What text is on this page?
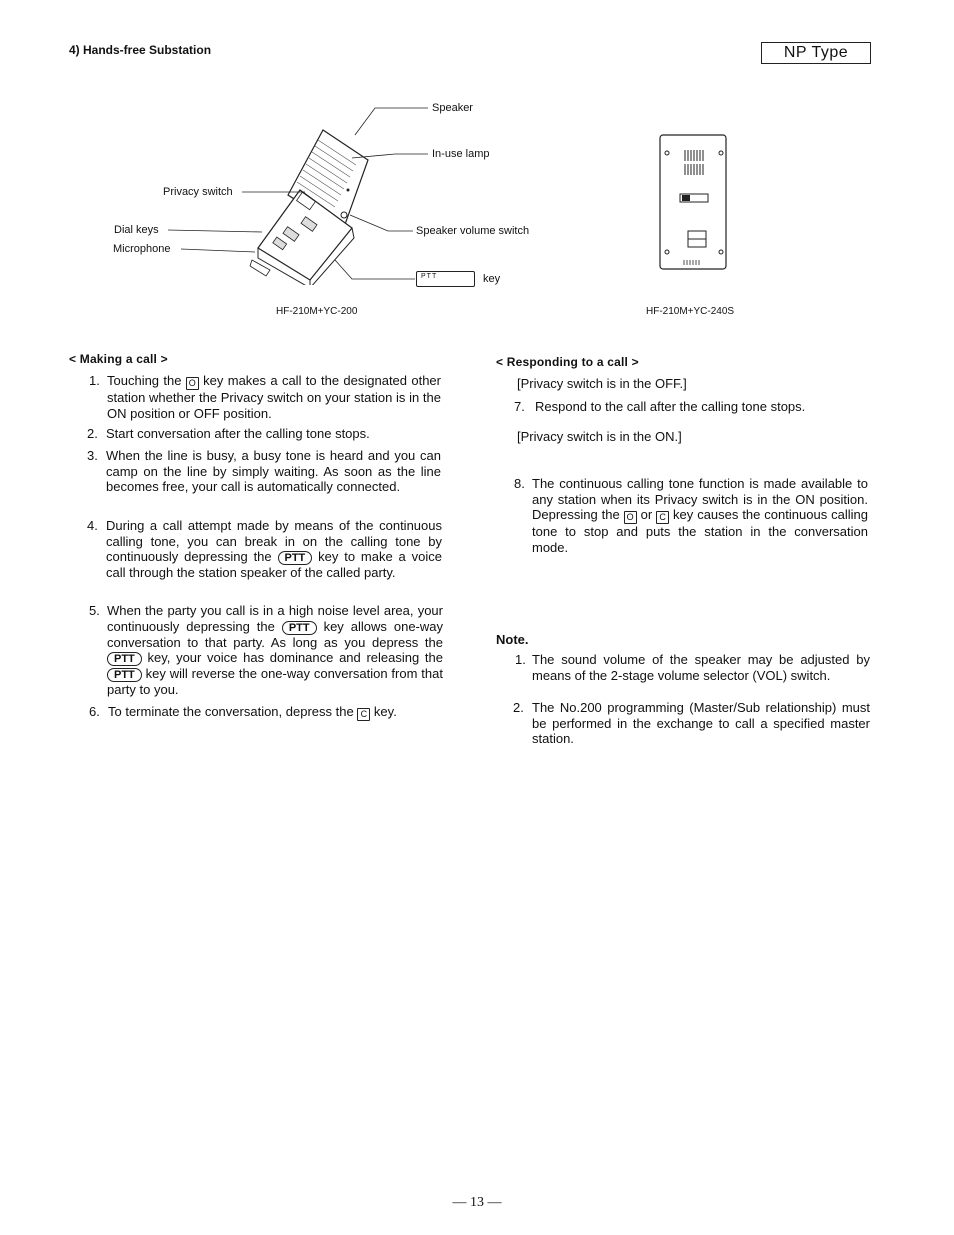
4) Hands-free Substation	NP Type
Speaker
In-use lamp
Privacy switch
Dial keys
Microphone
Speaker volume switch
PTT	key
HF-210M+YC-200	HF-210M+YC-240S
< Making a call >
1. Touching the O key makes a call to the designated other station whether the Privacy switch on your station is in the ON position or OFF position.
2. Start conversation after the calling tone stops.
3. When the line is busy, a busy tone is heard and you can camp on the line by simply waiting. As soon as the line becomes free, your call is automatically connected.
4. During a call attempt made by means of the continuous calling tone, you can break in on the calling tone by continuously depressing the PTT key to make a voice call through the station speaker of the called party.
5. When the party you call is in a high noise level area, your continuously depressing the PTT key allows one-way conversation to that party. As long as you depress the PTT key, your voice has dominance and releasing the PTT key will reverse the one-way conversation from that party to you.
6. To terminate the conversation, depress the C key.
< Responding to a call >
[Privacy switch is in the OFF.]
7. Respond to the call after the calling tone stops.
[Privacy switch is in the ON.]
8. The continuous calling tone function is made available to any station when its Privacy switch is in the ON position. Depressing the O or C key causes the continuous calling tone to stop and puts the station in the conversation mode.
Note.
1. The sound volume of the speaker may be adjusted by means of the 2-stage volume selector (VOL) switch.
2. The No.200 programming (Master/Sub relationship) must be performed in the exchange to call a specified master station.
— 13 —
